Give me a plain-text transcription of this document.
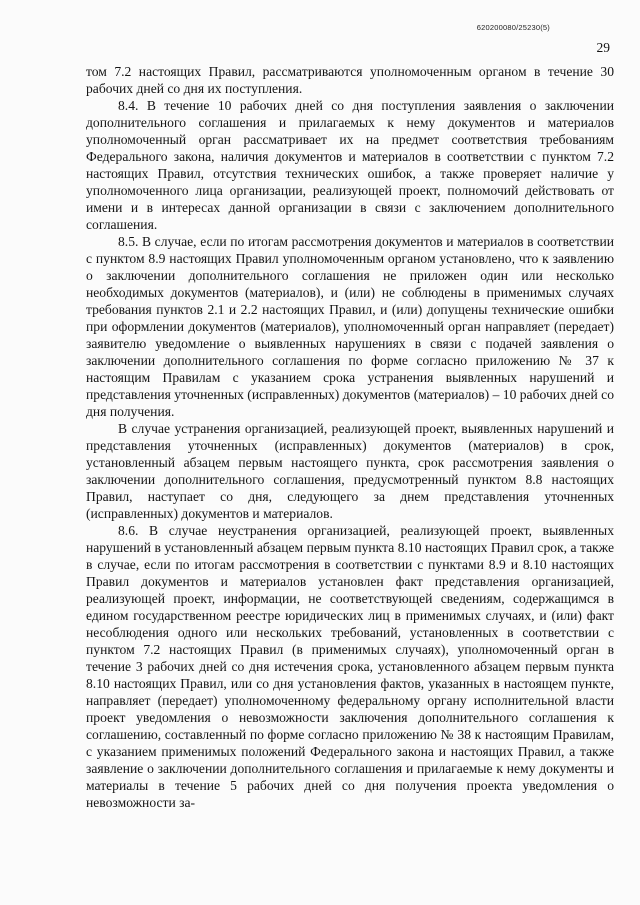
620200080/25230(5)
29

том 7.2 настоящих Правил, рассматриваются уполномоченным органом в течение 30 рабочих дней со дня их поступления.

8.4. В течение 10 рабочих дней со дня поступления заявления о заключении дополнительного соглашения и прилагаемых к нему документов и материалов уполномоченный орган рассматривает их на предмет соответствия требованиям Федерального закона, наличия документов и материалов в соответствии с пунктом 7.2 настоящих Правил, отсутствия технических ошибок, а также проверяет наличие у уполномоченного лица организации, реализующей проект, полномочий действовать от имени и в интересах данной организации в связи с заключением дополнительного соглашения.

8.5. В случае, если по итогам рассмотрения документов и материалов в соответствии с пунктом 8.9 настоящих Правил уполномоченным органом установлено, что к заявлению о заключении дополнительного соглашения не приложен один или несколько необходимых документов (материалов), и (или) не соблюдены в применимых случаях требования пунктов 2.1 и 2.2 настоящих Правил, и (или) допущены технические ошибки при оформлении документов (материалов), уполномоченный орган направляет (передает) заявителю уведомление о выявленных нарушениях в связи с подачей заявления о заключении дополнительного соглашения по форме согласно приложению № 37 к настоящим Правилам с указанием срока устранения выявленных нарушений и представления уточненных (исправленных) документов (материалов) – 10 рабочих дней со дня получения.

В случае устранения организацией, реализующей проект, выявленных нарушений и представления уточненных (исправленных) документов (материалов) в срок, установленный абзацем первым настоящего пункта, срок рассмотрения заявления о заключении дополнительного соглашения, предусмотренный пунктом 8.8 настоящих Правил, наступает со дня, следующего за днем представления уточненных (исправленных) документов и материалов.

8.6. В случае неустранения организацией, реализующей проект, выявленных нарушений в установленный абзацем первым пункта 8.10 настоящих Правил срок, а также в случае, если по итогам рассмотрения в соответствии с пунктами 8.9 и 8.10 настоящих Правил документов и материалов установлен факт представления организацией, реализующей проект, информации, не соответствующей сведениям, содержащимся в едином государственном реестре юридических лиц в применимых случаях, и (или) факт несоблюдения одного или нескольких требований, установленных в соответствии с пунктом 7.2 настоящих Правил (в применимых случаях), уполномоченный орган в течение 3 рабочих дней со дня истечения срока, установленного абзацем первым пункта 8.10 настоящих Правил, или со дня установления фактов, указанных в настоящем пункте, направляет (передает) уполномоченному федеральному органу исполнительной власти проект уведомления о невозможности заключения дополнительного соглашения к соглашению, составленный по форме согласно приложению № 38 к настоящим Правилам, с указанием применимых положений Федерального закона и настоящих Правил, а также заявление о заключении дополнительного соглашения и прилагаемые к нему документы и материалы в течение 5 рабочих дней со дня получения проекта уведомления о невозможности за-
